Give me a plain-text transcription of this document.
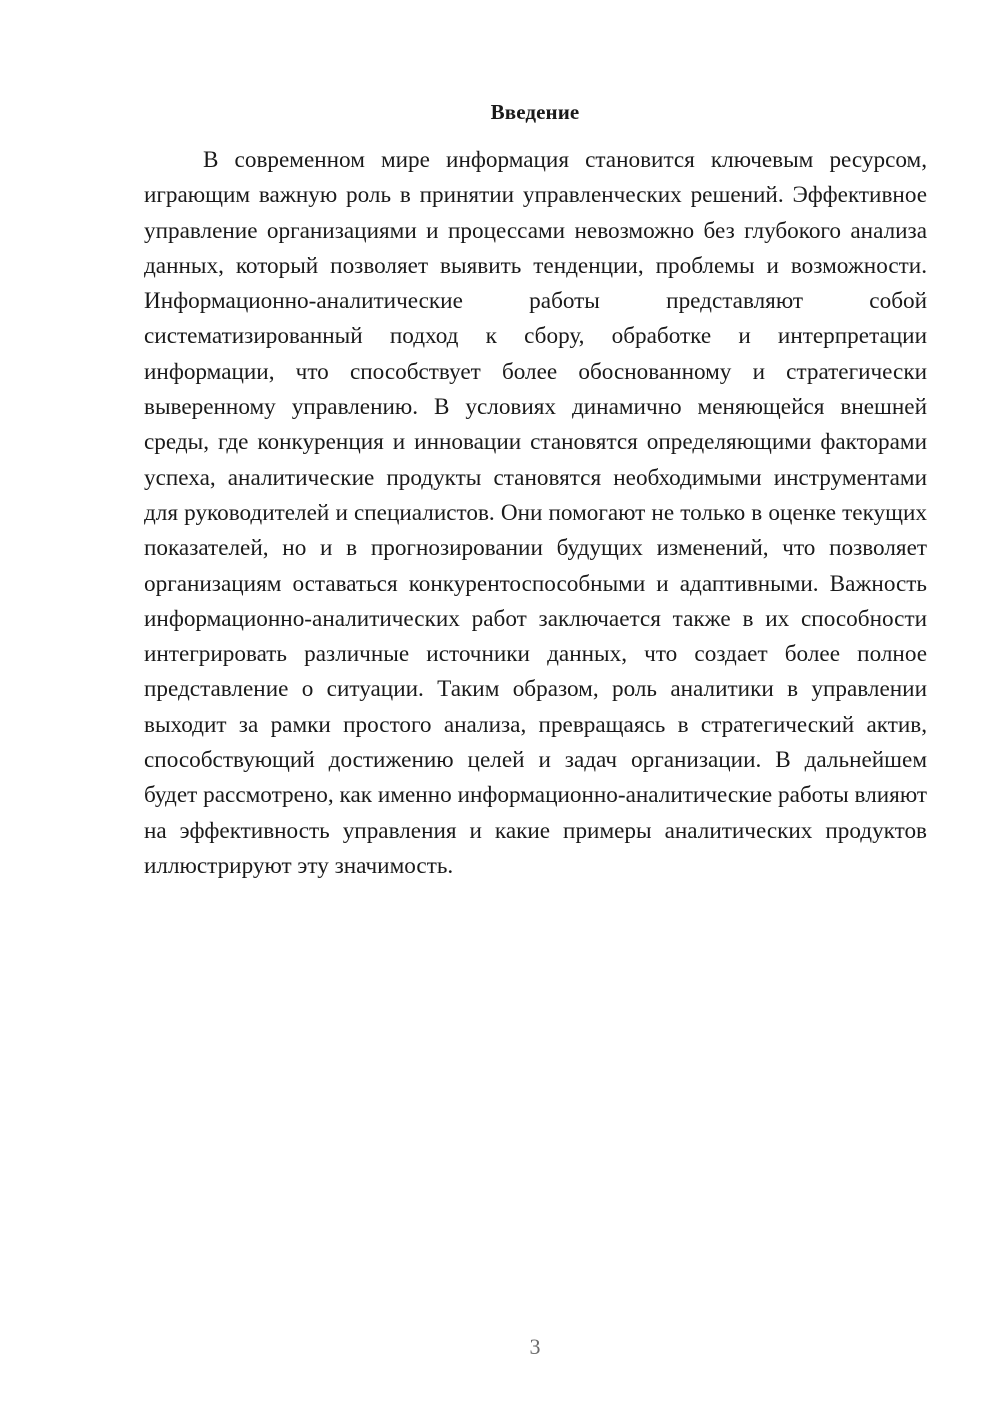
Введение

В современном мире информация становится ключевым ресурсом, играющим важную роль в принятии управленческих решений. Эффективное управление организациями и процессами невозможно без глубокого анализа данных, который позволяет выявить тенденции, проблемы и возможности. Информационно-аналитические работы представляют собой систематизированный подход к сбору, обработке и интерпретации информации, что способствует более обоснованному и стратегически выверенному управлению. В условиях динамично меняющейся внешней среды, где конкуренция и инновации становятся определяющими факторами успеха, аналитические продукты становятся необходимыми инструментами для руководителей и специалистов. Они помогают не только в оценке текущих показателей, но и в прогнозировании будущих изменений, что позволяет организациям оставаться конкурентоспособными и адаптивными. Важность информационно-аналитических работ заключается также в их способности интегрировать различные источники данных, что создает более полное представление о ситуации. Таким образом, роль аналитики в управлении выходит за рамки простого анализа, превращаясь в стратегический актив, способствующий достижению целей и задач организации. В дальнейшем будет рассмотрено, как именно информационно-аналитические работы влияют на эффективность управления и какие примеры аналитических продуктов иллюстрируют эту значимость.

3
